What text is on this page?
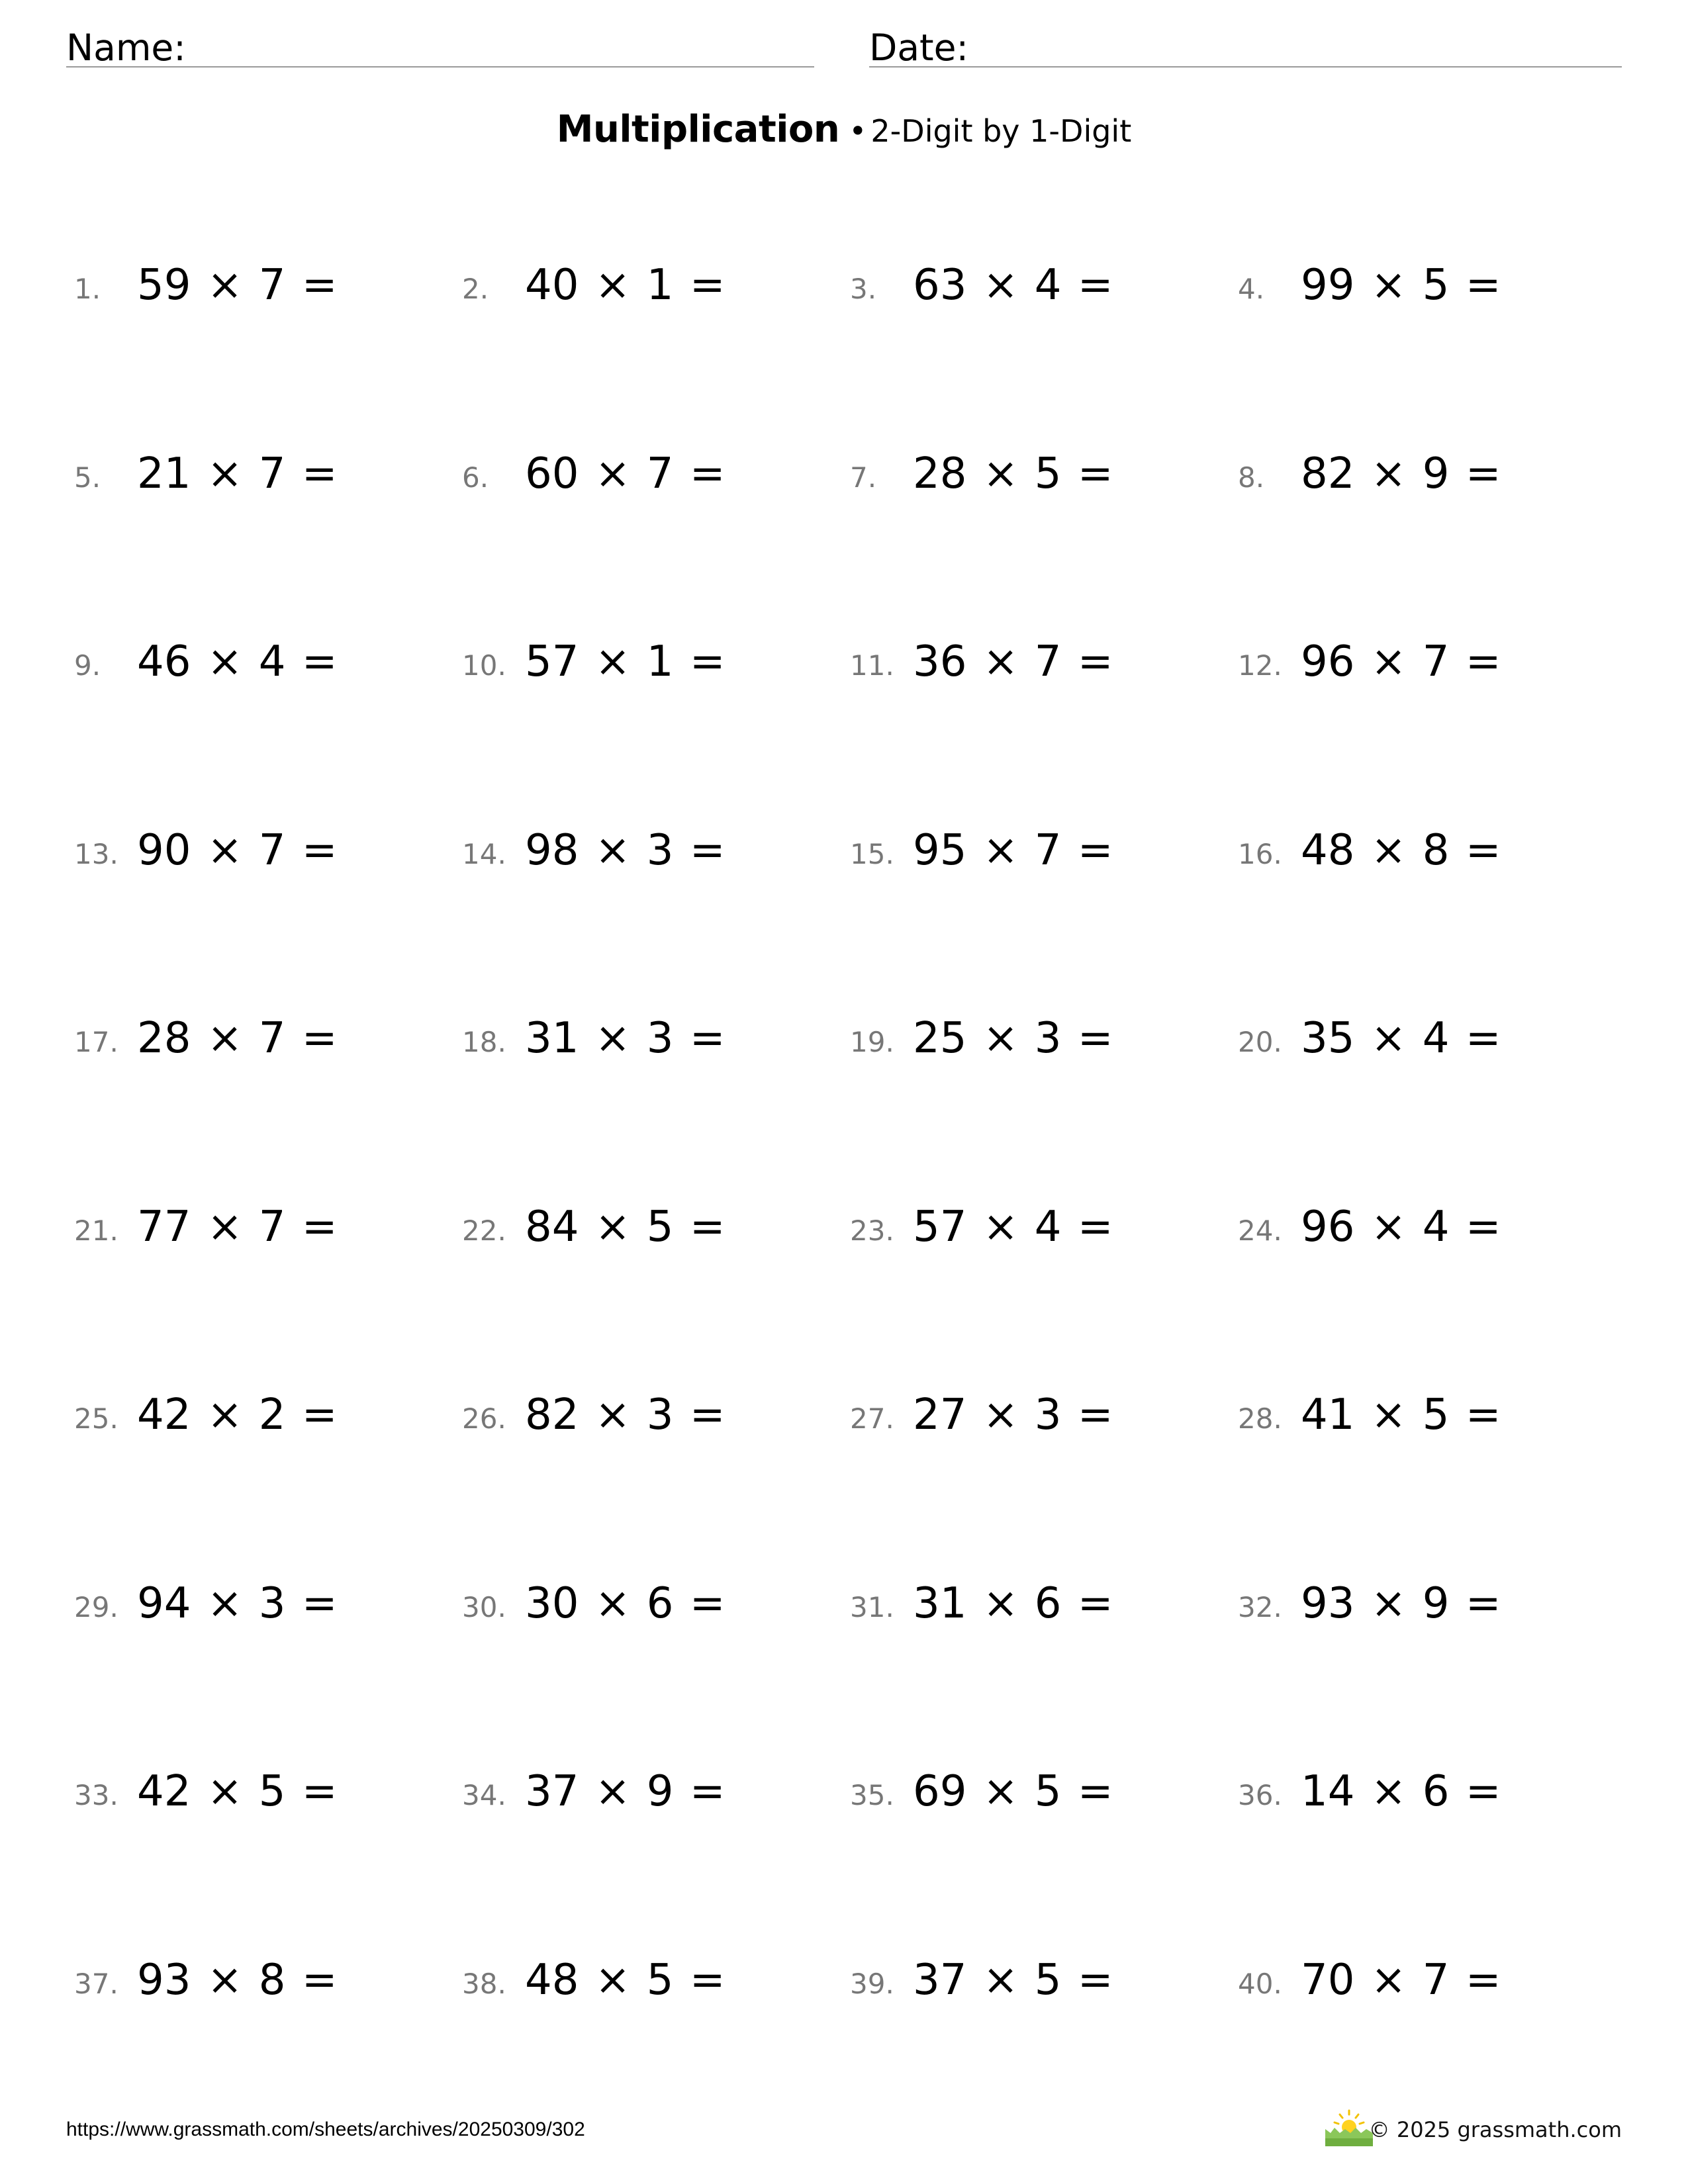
Name:	Date:
Multiplication • 2-Digit by 1-Digit
1. 59 × 7 =	2. 40 × 1 =	3. 63 × 4 =	4. 99 × 5 =
5. 21 × 7 =	6. 60 × 7 =	7. 28 × 5 =	8. 82 × 9 =
9. 46 × 4 =	10. 57 × 1 =	11. 36 × 7 =	12. 96 × 7 =
13. 90 × 7 =	14. 98 × 3 =	15. 95 × 7 =	16. 48 × 8 =
17. 28 × 7 =	18. 31 × 3 =	19. 25 × 3 =	20. 35 × 4 =
21. 77 × 7 =	22. 84 × 5 =	23. 57 × 4 =	24. 96 × 4 =
25. 42 × 2 =	26. 82 × 3 =	27. 27 × 3 =	28. 41 × 5 =
29. 94 × 3 =	30. 30 × 6 =	31. 31 × 6 =	32. 93 × 9 =
33. 42 × 5 =	34. 37 × 9 =	35. 69 × 5 =	36. 14 × 6 =
37. 93 × 8 =	38. 48 × 5 =	39. 37 × 5 =	40. 70 × 7 =
https://www.grassmath.com/sheets/archives/20250309/302	© 2025 grassmath.com
